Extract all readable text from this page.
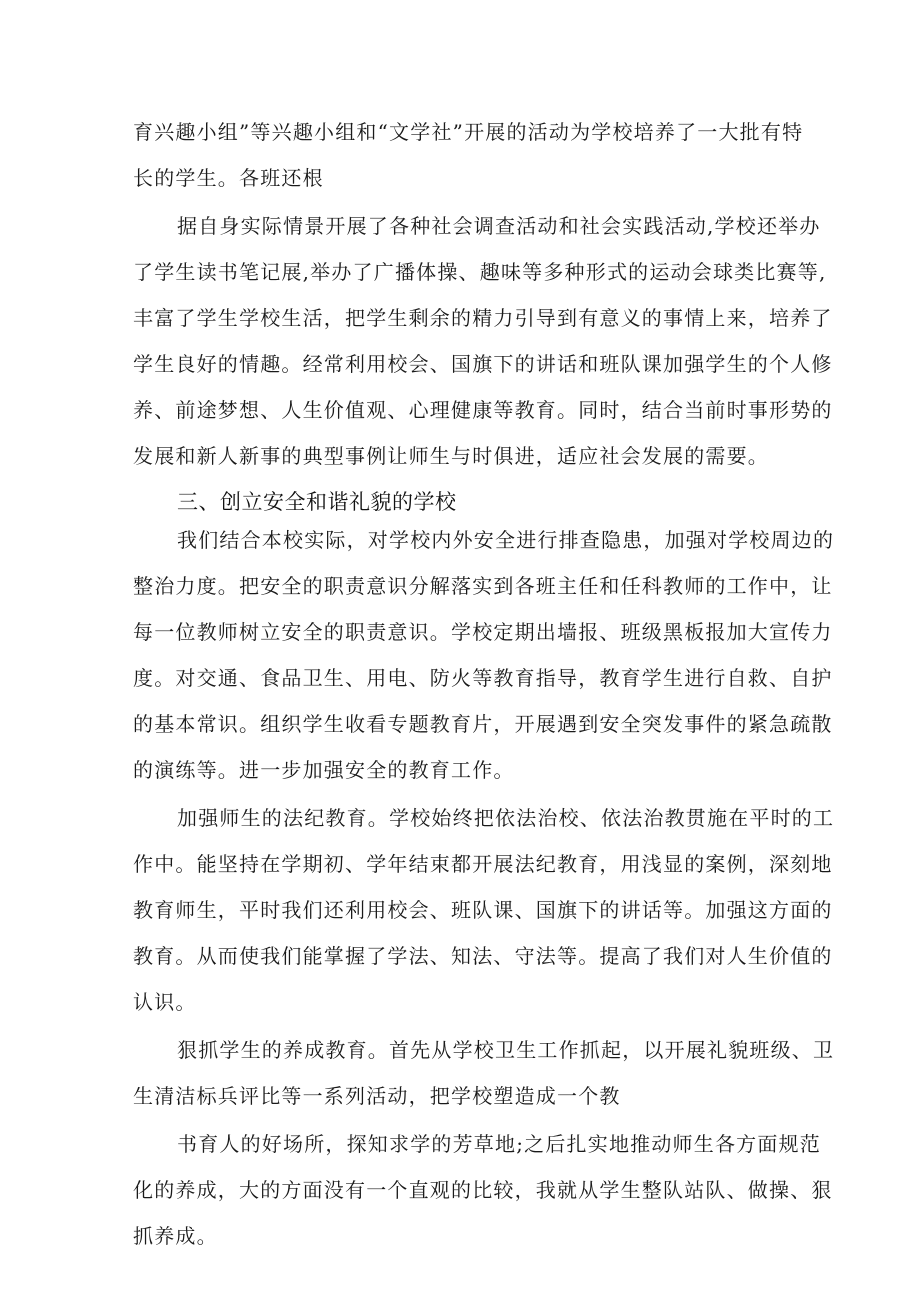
育兴趣小组”等兴趣小组和“文学社”开展的活动为学校培养了一大批有特
长的学生。各班还根

据自身实际情景开展了各种社会调查活动和社会实践活动,学校还举办
了学生读书笔记展,举办了广播体操、趣味等多种形式的运动会球类比赛等,
丰富了学生学校生活，把学生剩余的精力引导到有意义的事情上来，培养了
学生良好的情趣。经常利用校会、国旗下的讲话和班队课加强学生的个人修
养、前途梦想、人生价值观、心理健康等教育。同时，结合当前时事形势的
发展和新人新事的典型事例让师生与时俱进，适应社会发展的需要。

三、创立安全和谐礼貌的学校

我们结合本校实际，对学校内外安全进行排查隐患，加强对学校周边的
整治力度。把安全的职责意识分解落实到各班主任和任科教师的工作中，让
每一位教师树立安全的职责意识。学校定期出墙报、班级黑板报加大宣传力
度。对交通、食品卫生、用电、防火等教育指导，教育学生进行自救、自护
的基本常识。组织学生收看专题教育片，开展遇到安全突发事件的紧急疏散
的演练等。进一步加强安全的教育工作。

加强师生的法纪教育。学校始终把依法治校、依法治教贯施在平时的工
作中。能坚持在学期初、学年结束都开展法纪教育，用浅显的案例，深刻地
教育师生，平时我们还利用校会、班队课、国旗下的讲话等。加强这方面的
教育。从而使我们能掌握了学法、知法、守法等。提高了我们对人生价值的
认识。

狠抓学生的养成教育。首先从学校卫生工作抓起，以开展礼貌班级、卫
生清洁标兵评比等一系列活动，把学校塑造成一个教

书育人的好场所，探知求学的芳草地;之后扎实地推动师生各方面规范
化的养成，大的方面没有一个直观的比较，我就从学生整队站队、做操、狠
抓养成。
